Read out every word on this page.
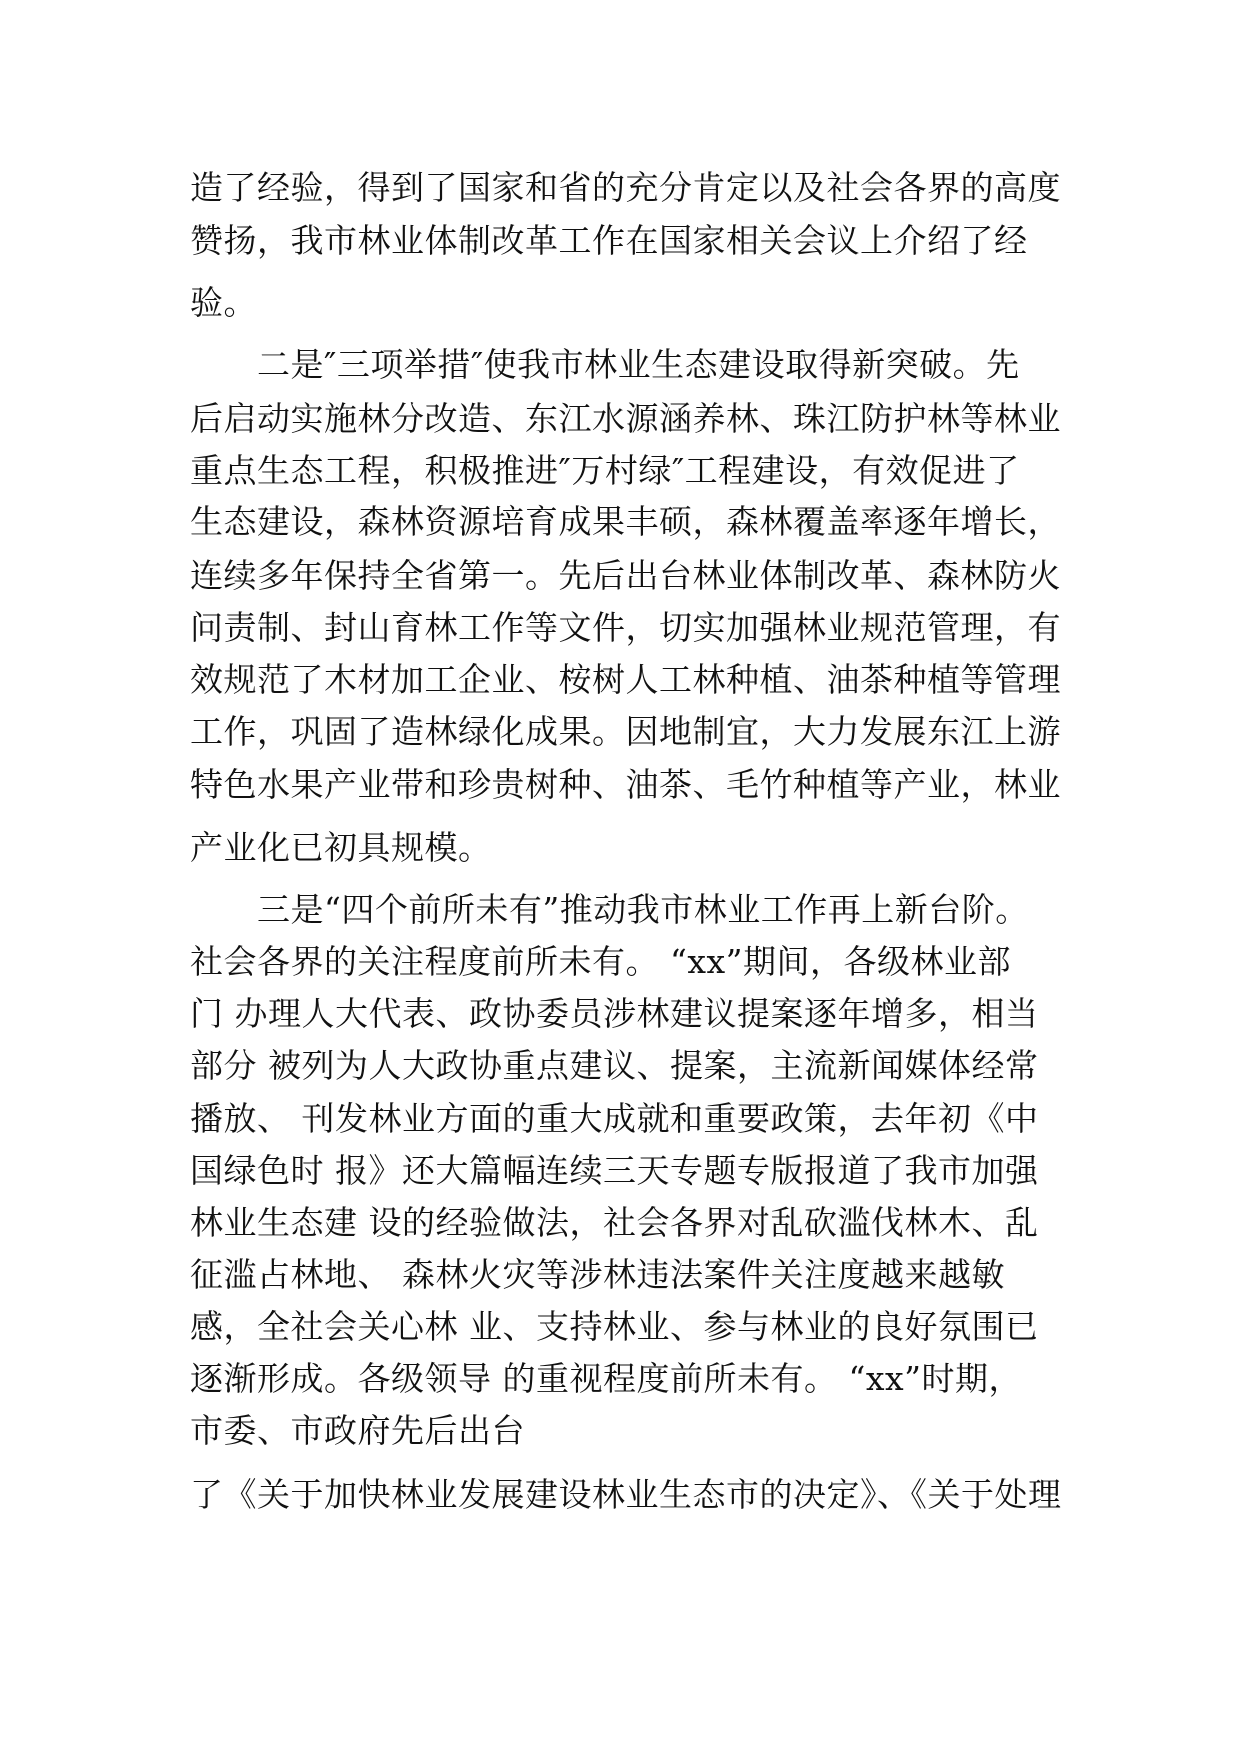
造了经验，得到了国家和省的充分肯定以及社会各界的高度

赞扬，我市林业体制改革工作在国家相关会议上介绍了经

验。

二是″三项举措″使我市林业生态建设取得新突破。先

后启动实施林分改造、东江水源涵养林、珠江防护林等林业

重点生态工程，积极推进″万村绿″工程建设，有效促进了

生态建设，森林资源培育成果丰硕，森林覆盖率逐年增长，

连续多年保持全省第一。先后出台林业体制改革、森林防火

问责制、封山育林工作等文件，切实加强林业规范管理，有

效规范了木材加工企业、桉树人工林种植、油茶种植等管理

工作，巩固了造林绿化成果。因地制宜，大力发展东江上游

特色水果产业带和珍贵树种、油茶、毛竹种植等产业，林业

产业化已初具规模。

三是“四个前所未有”推动我市林业工作再上新台阶。

社会各界的关注程度前所未有。 “xx”期间，各级林业部

门 办理人大代表、政协委员涉林建议提案逐年增多，相当

部分 被列为人大政协重点建议、提案，主流新闻媒体经常

播放、 刊发林业方面的重大成就和重要政策，去年初《中

国绿色时 报》还大篇幅连续三天专题专版报道了我市加强

林业生态建 设的经验做法，社会各界对乱砍滥伐林木、乱

征滥占林地、 森林火灾等涉林违法案件关注度越来越敏

感，全社会关心林 业、支持林业、参与林业的良好氛围已

逐渐形成。各级领导 的重视程度前所未有。 “xx”时期，

市委、市政府先后出台

了《关于加快林业发展建设林业生态市的决定》、《关于处理
